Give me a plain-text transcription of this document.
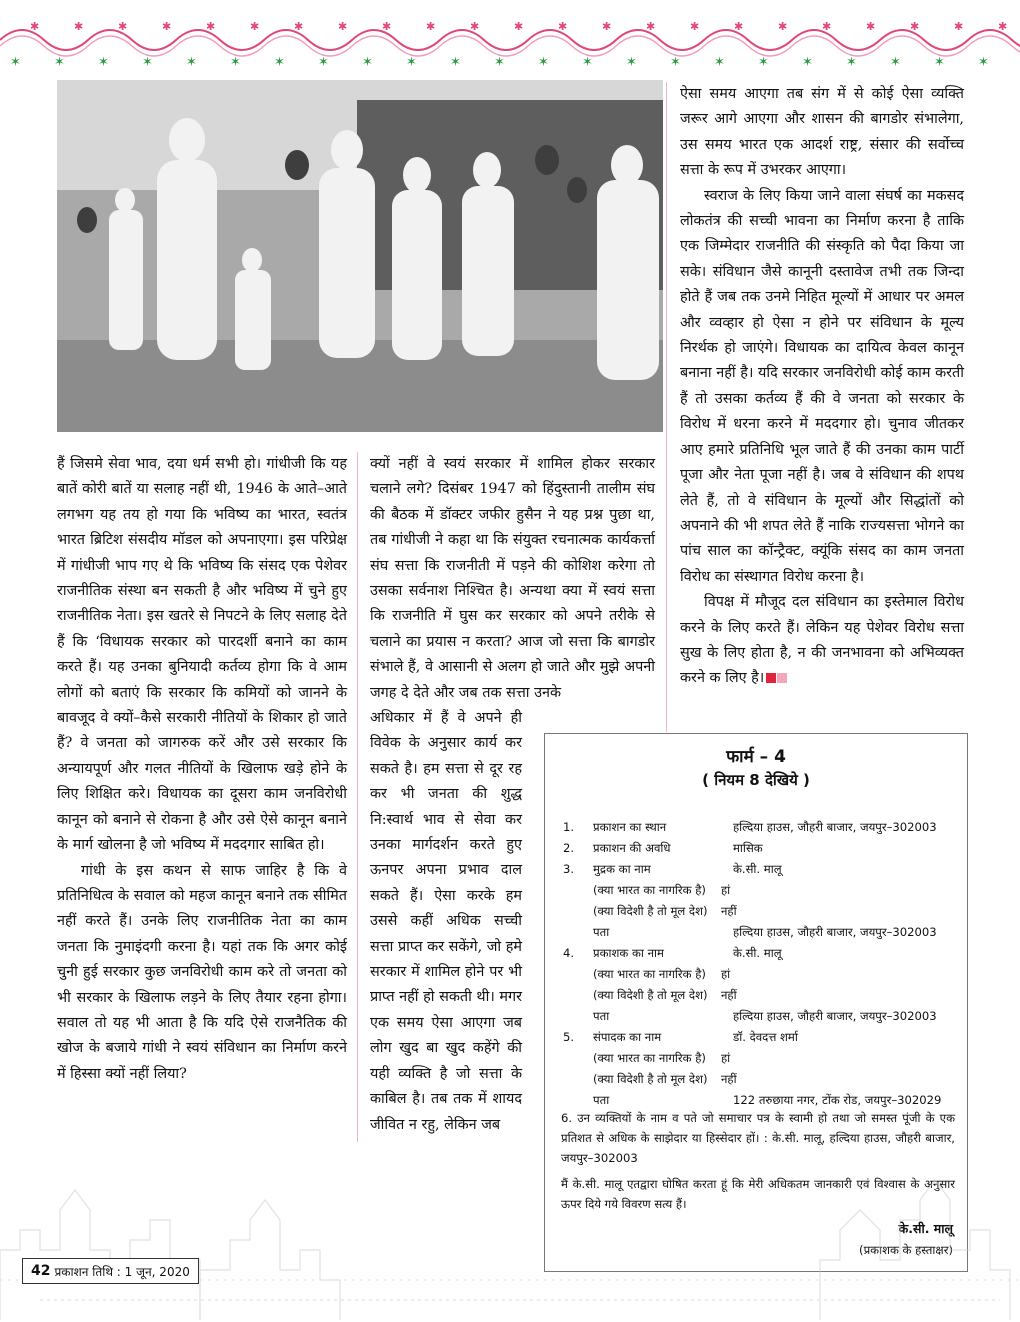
✶	✶	✶	✶	✶	✶	✶	✶	✶	✶	✶	✶	✶	✶	✶	✶	✶	✶	✶	✶	✶	✶	✶
✱	✱	✱	✱	✱	✱	✱	✱	✱	✱	✱	✱	✱	✱	✱	✱	✱	✱	✱	✱	✱	✱	✱

हैं जिसमे सेवा भाव, दया धर्म सभी हो। गांधीजी कि यह बातें कोरी बातें या सलाह नहीं थी, 1946 के आते–आते लगभग यह तय हो गया कि भविष्य का भारत, स्वतंत्र भारत ब्रिटिश संसदीय मॉडल को अपनाएगा। इस परिप्रेक्ष में गांधीजी भाप गए थे कि भविष्य कि संसद एक पेशेवर राजनीतिक संस्था बन सकती है और भविष्य में चुने हुए राजनीतिक नेता। इस खतरे से निपटने के लिए सलाह देते हैं कि ‘विधायक सरकार को पारदर्शी बनाने का काम करते हैं। यह उनका बुनियादी कर्तव्य होगा कि वे आम लोगों को बताएं कि सरकार कि कमियों को जानने के बावजूद वे क्यों–कैसे सरकारी नीतियों के शिकार हो जाते हैं? वे जनता को जागरुक करें और उसे सरकार कि अन्यायपूर्ण और गलत नीतियों के खिलाफ खड़े होने के लिए शिक्षित करे। विधायक का दूसरा काम जनविरोधी कानून को बनाने से रोकना है और उसे ऐसे कानून बनाने के मार्ग खोलना है जो भविष्य में मददगार साबित हो।

गांधी के इस कथन से साफ जाहिर है कि वे प्रतिनिधित्व के सवाल को महज कानून बनाने तक सीमित नहीं करते हैं। उनके लिए राजनीतिक नेता का काम जनता कि नुमाइंदगी करना है। यहां तक कि अगर कोई चुनी हुई सरकार कुछ जनविरोधी काम करे तो जनता को भी सरकार के खिलाफ लड़ने के लिए तैयार रहना होगा। सवाल तो यह भी आता है कि यदि ऐसे राजनैतिक की खोज के बजाये गांधी ने स्वयं संविधान का निर्माण करने में हिस्सा क्यों नहीं लिया?

क्यों नहीं वे स्वयं सरकार में शामिल होकर सरकार चलाने लगे? दिसंबर 1947 को हिंदुस्तानी तालीम संघ की बैठक में डॉक्टर जफीर हुसैन ने यह प्रश्न पुछा था, तब गांधीजी ने कहा था कि संयुक्त रचनात्मक कार्यकर्त्ता संघ सत्ता कि राजनीती में पड़ने की कोशिश करेगा तो उसका सर्वनाश निश्चित है। अन्यथा क्या में स्वयं सत्ता कि राजनीति में घुस कर सरकार को अपने तरीके से चलाने का प्रयास न करता? आज जो सत्ता कि बागडोर संभाले हैं, वे आसानी से अलग हो जाते और मुझे अपनी जगह दे देते और जब तक सत्ता उनके

अधिकार में हैं वे अपने ही विवेक के अनुसार कार्य कर सकते है। हम सत्ता से दूर रह कर भी जनता की शुद्ध नि:स्वार्थ भाव से सेवा कर उनका मार्गदर्शन करते हुए ऊनपर अपना प्रभाव दाल सकते हैं। ऐसा करके हम उससे कहीं अधिक सच्ची सत्ता प्राप्त कर सकेंगे, जो हमे सरकार में शामिल होने पर भी प्राप्त नहीं हो सकती थी। मगर एक समय ऐसा आएगा जब लोग खुद बा खुद कहेंगे की यही व्यक्ति है जो सत्ता के काबिल है। तब तक में शायद जीवित न रहु, लेकिन जब

ऐसा समय आएगा तब संग में से कोई ऐसा व्यक्ति जरूर आगे आएगा और शासन की बागडोर संभालेगा, उस समय भारत एक आदर्श राष्ट्र, संसार की सर्वोच्च सत्ता के रूप में उभरकर आएगा।

स्वराज के लिए किया जाने वाला संघर्ष का मकसद लोकतंत्र की सच्ची भावना का निर्माण करना है ताकि एक जिम्मेदार राजनीति की संस्कृति को पैदा किया जा सके। संविधान जैसे कानूनी दस्तावेज तभी तक जिन्दा होते हैं जब तक उनमे निहित मूल्यों में आधार पर अमल और व्वव्हार हो ऐसा न होने पर संविधान के मूल्य निरर्थक हो जाएंगे। विधायक का दायित्व केवल कानून बनाना नहीं है। यदि सरकार जनविरोधी कोई काम करती हैं तो उसका कर्तव्य हैं की वे जनता को सरकार के विरोध में धरना करने में मददगार हो। चुनाव जीतकर आए हमारे प्रतिनिधि भूल जाते हैं की उनका काम पार्टी पूजा और नेता पूजा नहीं है। जब वे संविधान की शपथ लेते हैं, तो वे संविधान के मूल्यों और सिद्धांतों को अपनाने की भी शपत लेते हैं नाकि राज्यसत्ता भोगने का पांच साल का कॉन्ट्रैक्ट, क्यूंकि संसद का काम जनता विरोध का संस्थागत विरोध करना है।

विपक्ष में मौजूद दल संविधान का इस्तेमाल विरोध करने के लिए करते हैं। लेकिन यह पेशेवर विरोध सत्ता सुख के लिए होता है, न की जनभावना को अभिव्यक्त करने क लिए है।

फार्म – 4
( नियम 8 देखिये )
1. प्रकाशन का स्थान	हल्दिया हाउस, जौहरी बाजार, जयपुर–302003
2. प्रकाशन की अवधि	मासिक
3. मुद्रक का नाम	के.सी. मालू
(क्या भारत का नागरिक है) हां
(क्या विदेशी है तो मूल देश) नहीं
पता	हल्दिया हाउस, जौहरी बाजार, जयपुर–302003
4. प्रकाशक का नाम	के.सी. मालू
(क्या भारत का नागरिक है) हां
(क्या विदेशी है तो मूल देश) नहीं
पता	हल्दिया हाउस, जौहरी बाजार, जयपुर–302003
5. संपादक का नाम	डॉ. देवदत्त शर्मा
(क्या भारत का नागरिक है) हां
(क्या विदेशी है तो मूल देश) नहीं
पता	122 तरुछाया नगर, टोंक रोड, जयपुर–302029
6. उन व्यक्तियों के नाम व पते जो समाचार पत्र के स्वामी हो तथा जो समस्त पूंजी के एक प्रतिशत से अधिक के साझेदार या हिस्सेदार हों। : के.सी. मालू, हल्दिया हाउस, जौहरी बाजार, जयपुर–302003
मैं के.सी. मालू एतद्वारा घोषित करता हूं कि मेरी अधिकतम जानकारी एवं विश्वास के अनुसार ऊपर दिये गये विवरण सत्य हैं।
के.सी. मालू
(प्रकाशक के हस्ताक्षर)
42 प्रकाशन तिथि : 1 जून, 2020
